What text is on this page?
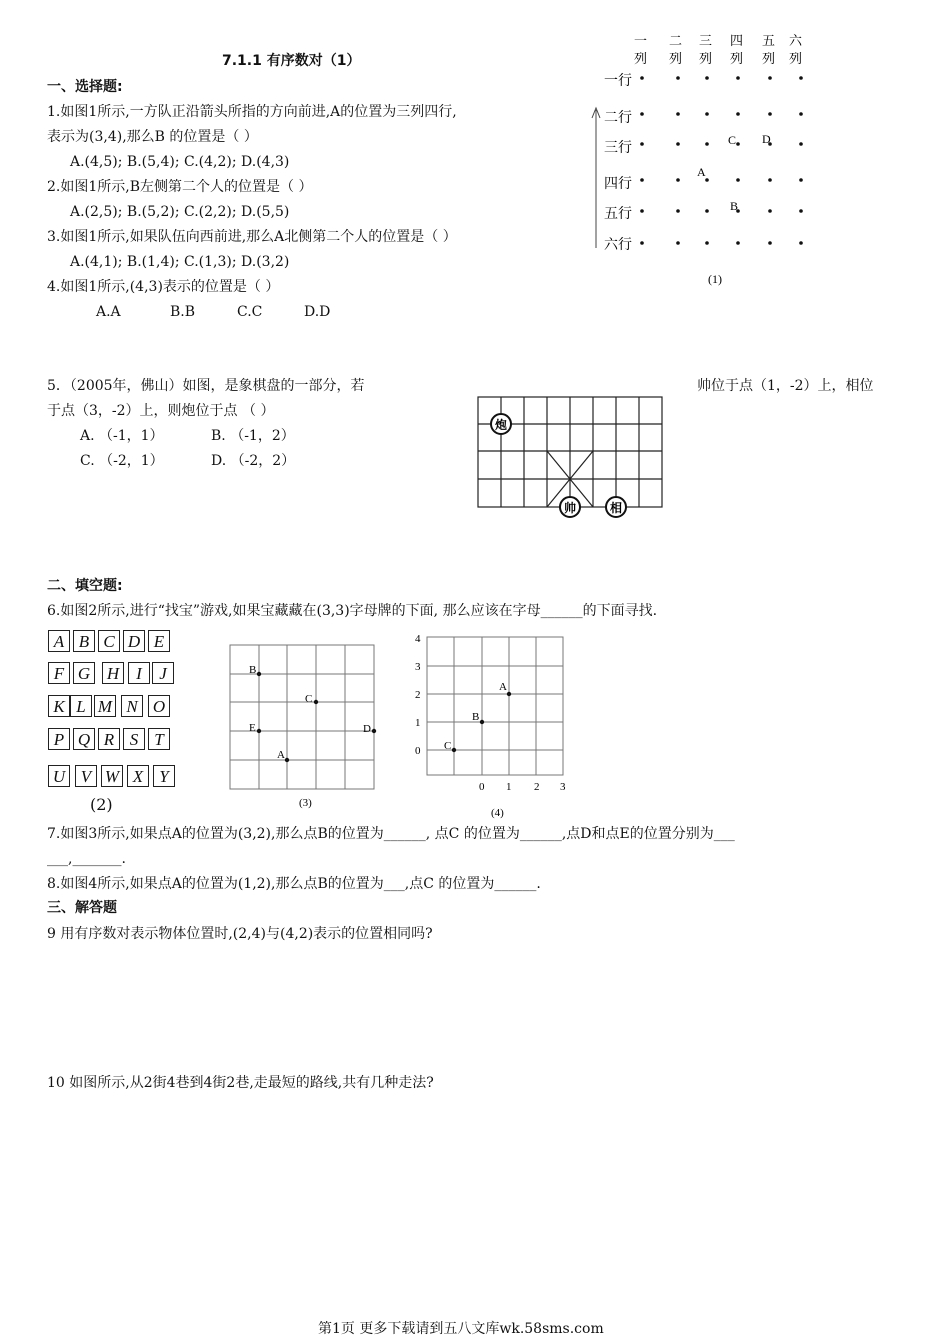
7.1.1 有序数对（1）
一、选择题:
1.如图1所示,一方队正沿箭头所指的方向前进,A的位置为三列四行,
表示为(3,4),那么B 的位置是（ ）
A.(4,5); B.(5,4); C.(4,2); D.(4,3)
2.如图1所示,B左侧第二个人的位置是（ ）
A.(2,5); B.(5,2); C.(2,2); D.(5,5)
3.如图1所示,如果队伍向西前进,那么A北侧第二个人的位置是（ ）
A.(4,1); B.(1,4); C.(1,3); D.(3,2)
4.如图1所示,(4,3)表示的位置是（ ）
A.A	B.B	C.C	D.D
一
列
二
列
三
列
四
列
五
列
六
列
一行
二行
三行
四行
五行
六行
A
B
C D
(1)
5．（2005年，佛山）如图，是象棋盘的一部分，若	帅位于点（1，-2）上，相位
于点（3，-2）上，则炮位于点 （ ）
A. （-1，1）	B. （-1，2）
C. （-2，1）	D. （-2，2）
炮
帅	相
二、填空题:
6.如图2所示,进行“找宝”游戏,如果宝藏藏在(3,3)字母牌的下面, 那么应该在字母______的下面寻找.
A B C D E
F G H	I	J
K L M N O
P Q R S T
U V W X Y
(2)
A
B
C
D
E
(3)
4
3
2
1
0
0 1 2 3
A
B
C
(4)
7.如图3所示,如果点A的位置为(3,2),那么点B的位置为______, 点C 的位置为______,点D和点E的位置分别为___
___,_______.
8.如图4所示,如果点A的位置为(1,2),那么点B的位置为___,点C 的位置为______.
三、解答题
9 用有序数对表示物体位置时,(2,4)与(4,2)表示的位置相同吗?
10 如图所示,从2街4巷到4街2巷,走最短的路线,共有几种走法?
第1页 更多下载请到五八文库wk.58sms.com
